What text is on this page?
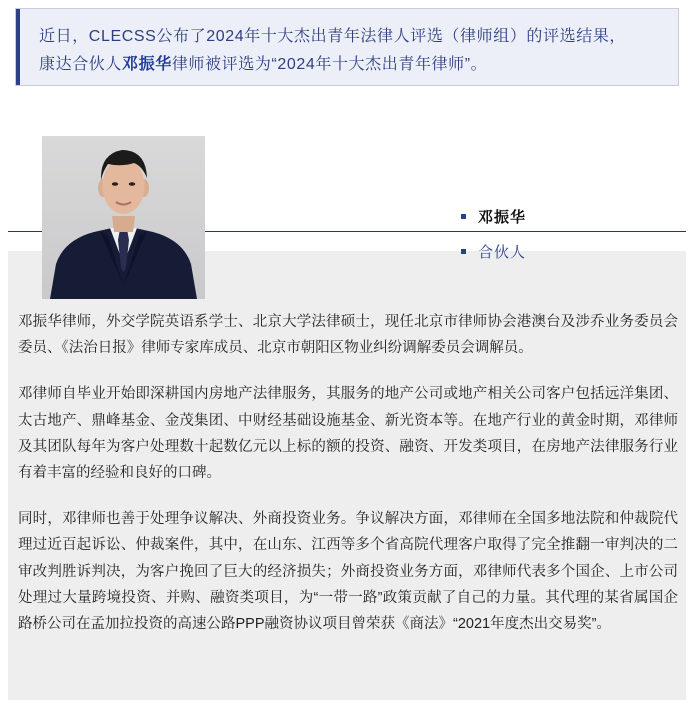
近日，CLECSS公布了2024年十大杰出青年法律人评选（律师组）的评选结果，
康达合伙人邓振华律师被评选为“2024年十大杰出青年律师”。
邓振华
合伙人

邓振华律师，外交学院英语系学士、北京大学法律硕士，现任北京市律师协会港澳台及涉乔业务委员会委员、《法治日报》律师专家库成员、北京市朝阳区物业纠纷调解委员会调解员。

邓律师自毕业开始即深耕国内房地产法律服务，其服务的地产公司或地产相关公司客户包括远洋集团、太古地产、鼎峰基金、金茂集团、中财经基础设施基金、新光资本等。在地产行业的黄金时期，邓律师及其团队每年为客户处理数十起数亿元以上标的额的投资、融资、开发类项目，在房地产法律服务行业有着丰富的经验和良好的口碑。

同时，邓律师也善于处理争议解决、外商投资业务。争议解决方面，邓律师在全国多地法院和仲裁院代理过近百起诉讼、仲裁案件，其中，在山东、江西等多个省高院代理客户取得了完全推翻一审判决的二审改判胜诉判决，为客户挽回了巨大的经济损失；外商投资业务方面，邓律师代表多个国企、上市公司处理过大量跨境投资、并购、融资类项目，为“一带一路”政策贡献了自己的力量。其代理的某省属国企路桥公司在孟加拉投资的高速公路PPP融资协议项目曾荣获《商法》“2021年度杰出交易奖”。
